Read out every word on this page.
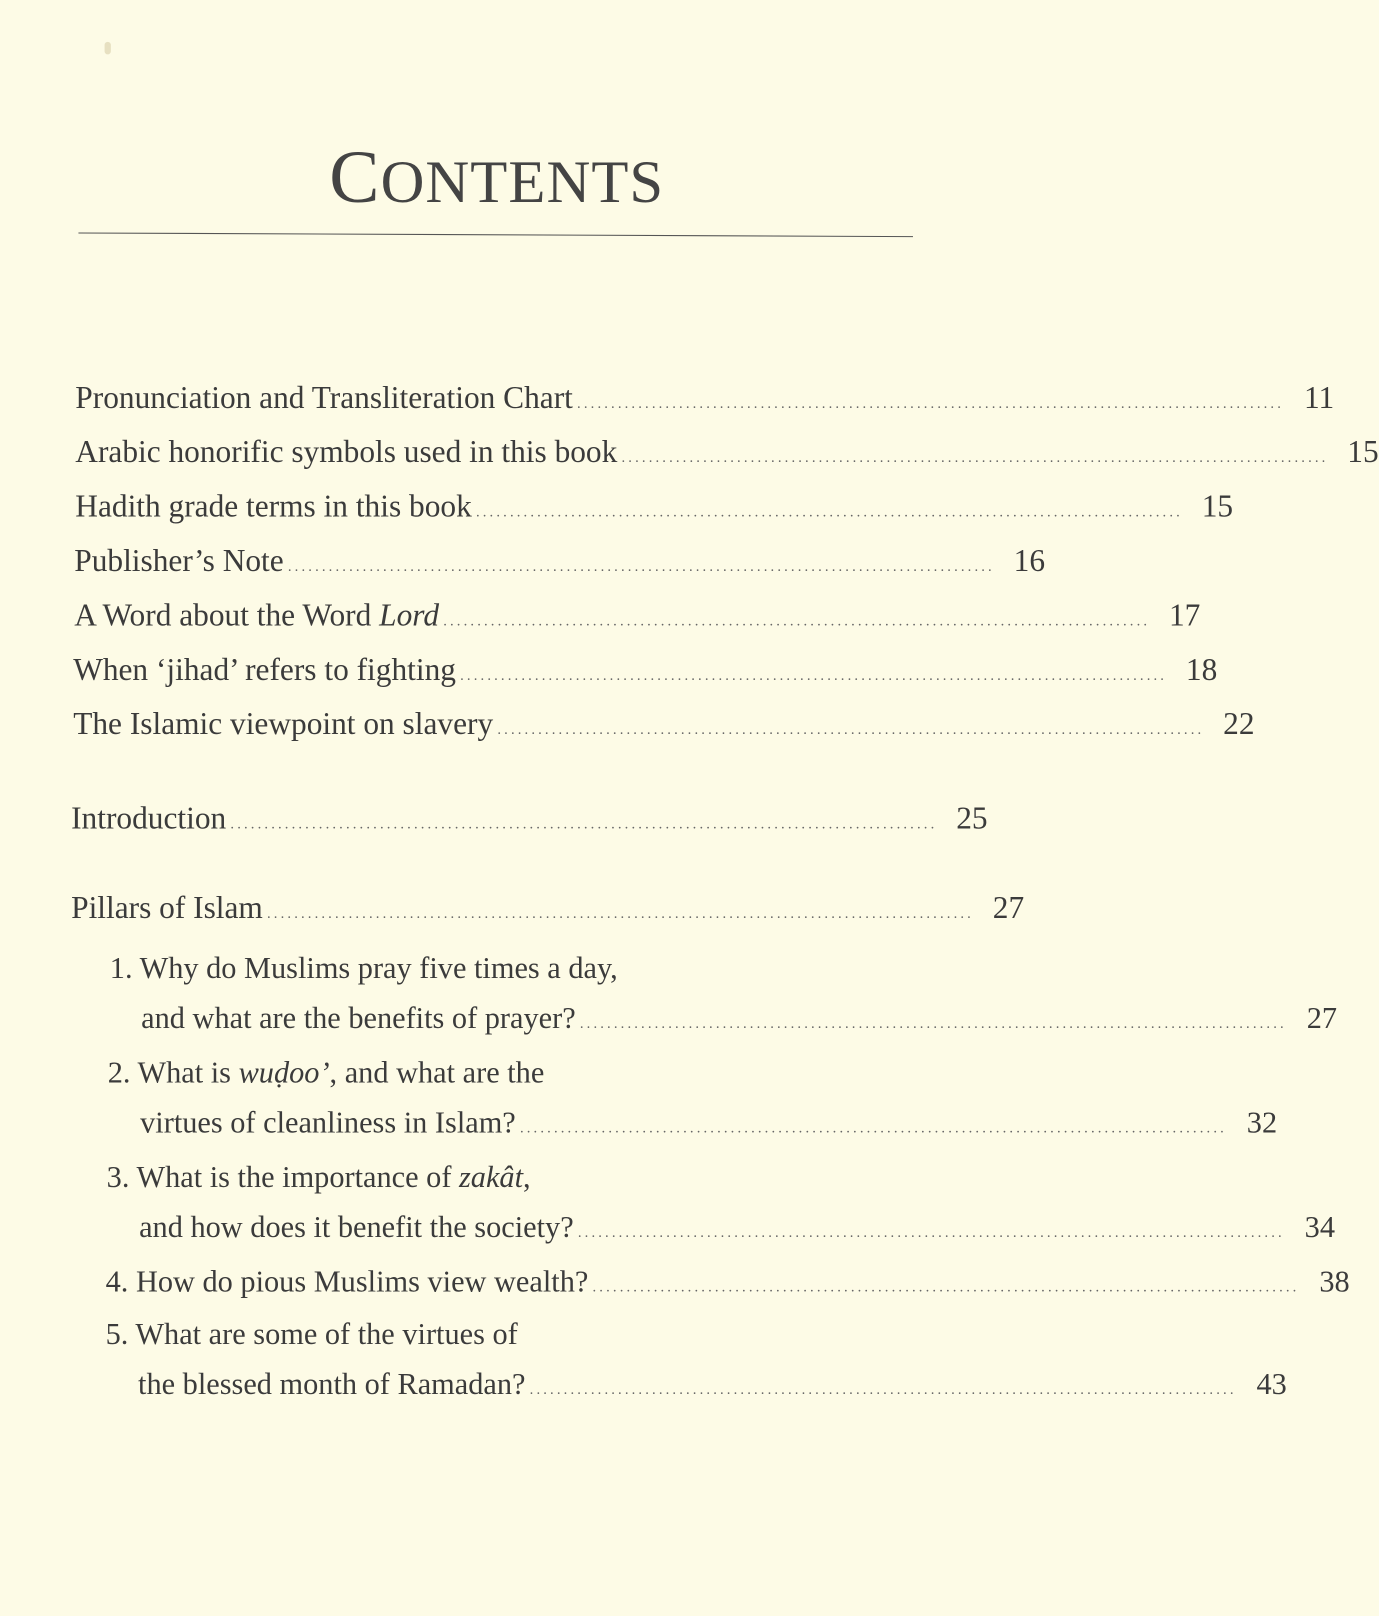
CONTENTS
Pronunciation and Transliteration Chart ........................................................................................................ 11
Arabic honorific symbols used in this book ........................................................................................................ 15
Hadith grade terms in this book ........................................................................................................ 15
Publisher’s Note ........................................................................................................ 16
A Word about the Word Lord ........................................................................................................ 17
When ‘jihad’ refers to fighting ........................................................................................................ 18
The Islamic viewpoint on slavery ........................................................................................................ 22
Introduction ........................................................................................................ 25
Pillars of Islam ........................................................................................................ 27
1. Why do Muslims pray five times a day,
and what are the benefits of prayer? ........................................................................................................ 27
2. What is wuḍoo’ , and what are the
virtues of cleanliness in Islam? ........................................................................................................ 32
3. What is the importance of zakât ,
and how does it benefit the society? ........................................................................................................ 34
4. How do pious Muslims view wealth? ........................................................................................................ 38
5. What are some of the virtues of
the blessed month of Ramadan? ........................................................................................................ 43
